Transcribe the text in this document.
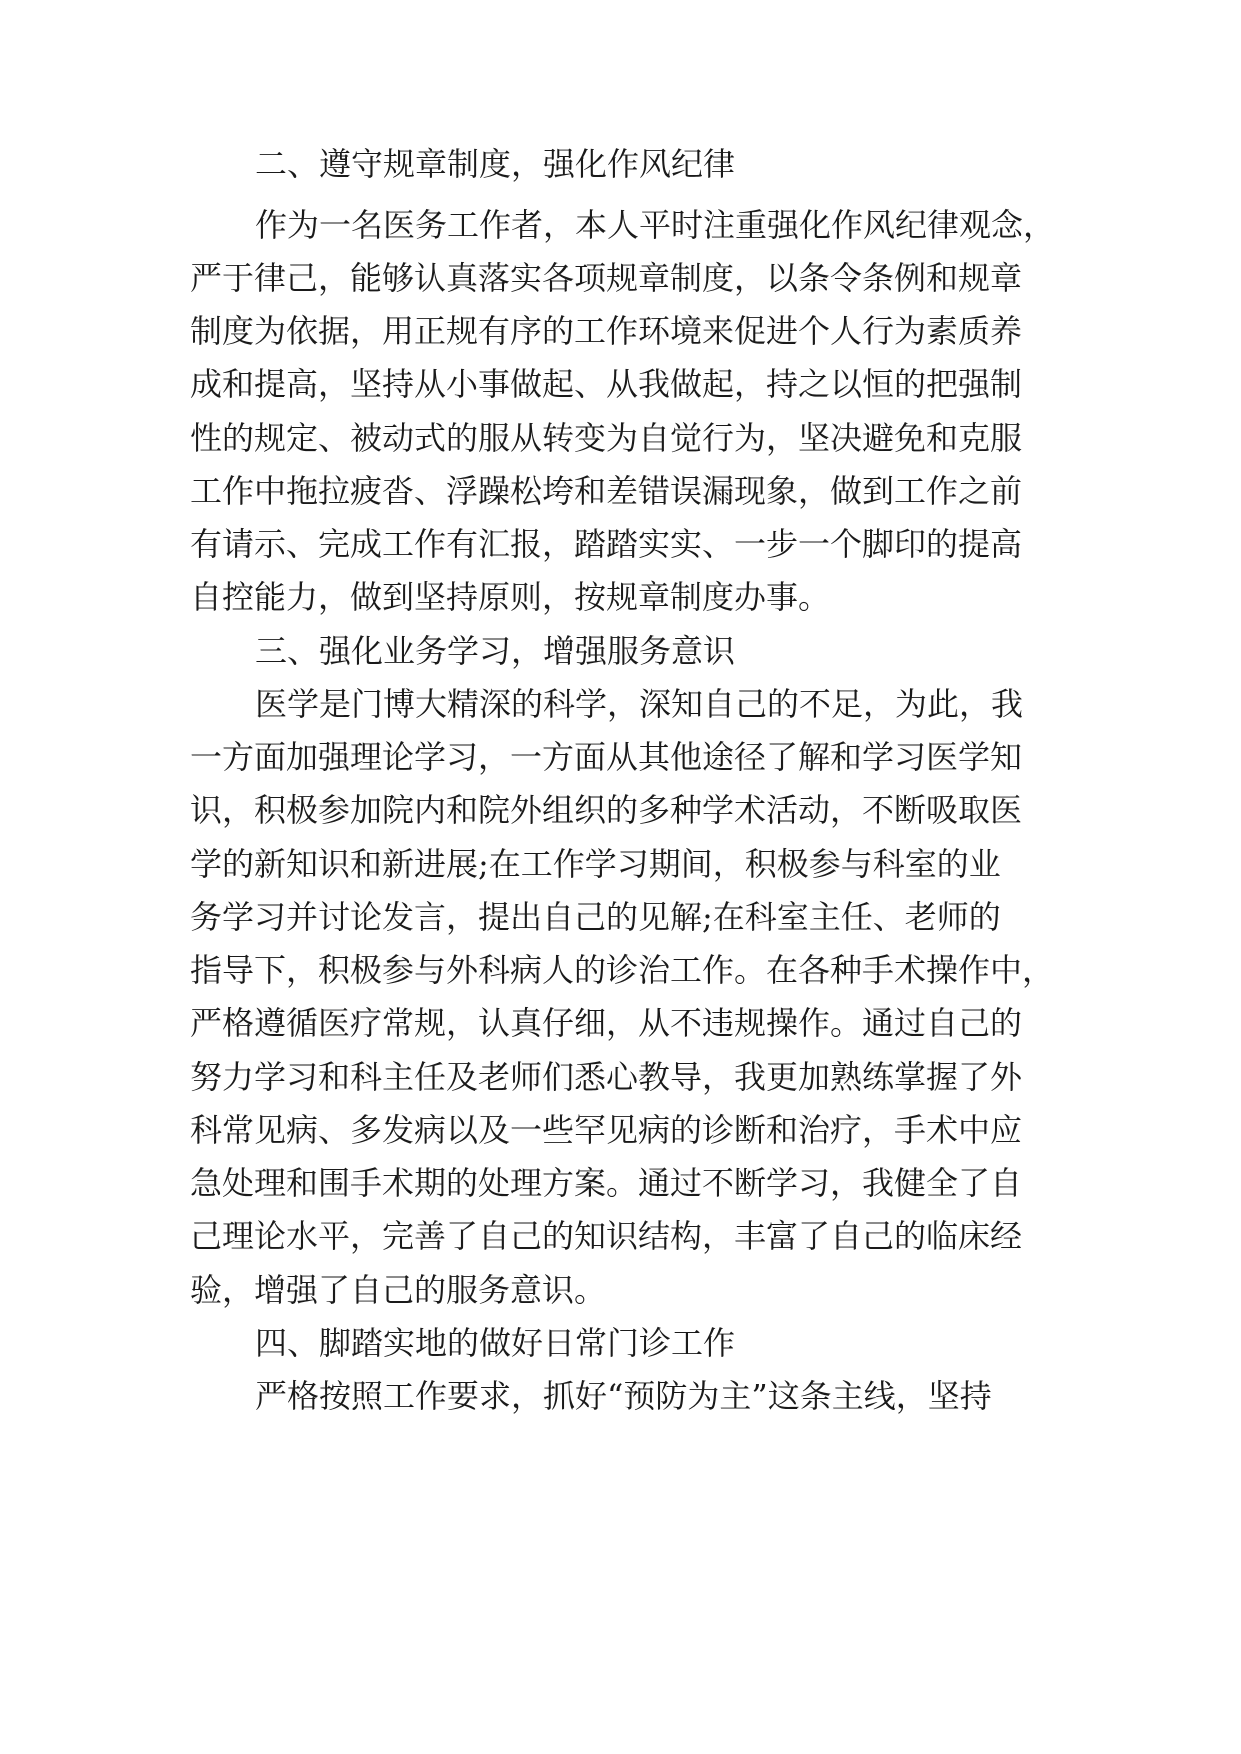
二、遵守规章制度，强化作风纪律
作为一名医务工作者，本人平时注重强化作风纪律观念，
严于律己，能够认真落实各项规章制度，以条令条例和规章
制度为依据，用正规有序的工作环境来促进个人行为素质养
成和提高，坚持从小事做起、从我做起，持之以恒的把强制
性的规定、被动式的服从转变为自觉行为，坚决避免和克服
工作中拖拉疲沓、浮躁松垮和差错误漏现象，做到工作之前
有请示、完成工作有汇报，踏踏实实、一步一个脚印的提高
自控能力，做到坚持原则，按规章制度办事。
三、强化业务学习，增强服务意识
医学是门博大精深的科学，深知自己的不足，为此，我
一方面加强理论学习，一方面从其他途径了解和学习医学知
识，积极参加院内和院外组织的多种学术活动，不断吸取医
学的新知识和新进展;在工作学习期间，积极参与科室的业
务学习并讨论发言，提出自己的见解;在科室主任、老师的
指导下，积极参与外科病人的诊治工作。在各种手术操作中，
严格遵循医疗常规，认真仔细，从不违规操作。通过自己的
努力学习和科主任及老师们悉心教导，我更加熟练掌握了外
科常见病、多发病以及一些罕见病的诊断和治疗，手术中应
急处理和围手术期的处理方案。通过不断学习，我健全了自
己理论水平，完善了自己的知识结构，丰富了自己的临床经
验，增强了自己的服务意识。
四、脚踏实地的做好日常门诊工作
严格按照工作要求，抓好“预防为主”这条主线，坚持
